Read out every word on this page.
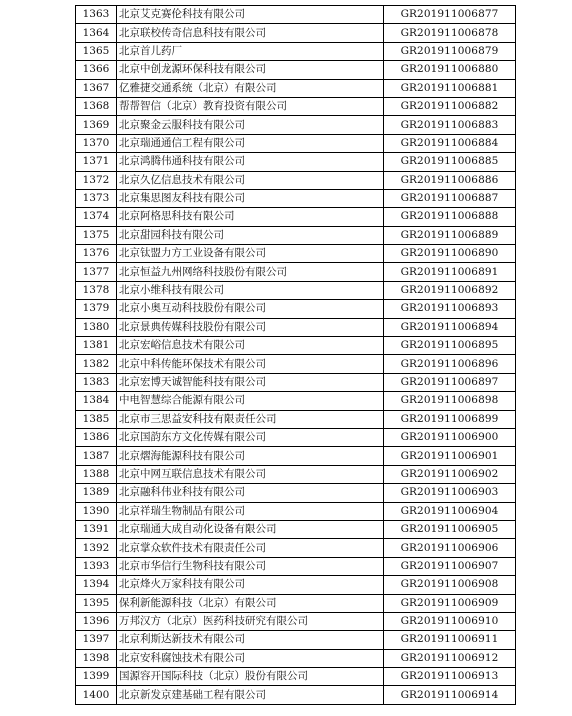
1363	北京艾克赛伦科技有限公司	GR201911006877
1364	北京联校传奇信息科技有限公司	GR201911006878
1365	北京首儿药厂	GR201911006879
1366	北京中创龙源环保科技有限公司	GR201911006880
1367	亿雅捷交通系统（北京）有限公司	GR201911006881
1368	帮帮智信（北京）教育投资有限公司	GR201911006882
1369	北京聚金云服科技有限公司	GR201911006883
1370	北京瑞通通信工程有限公司	GR201911006884
1371	北京鸿腾伟通科技有限公司	GR201911006885
1372	北京久亿信息技术有限公司	GR201911006886
1373	北京集思图友科技有限公司	GR201911006887
1374	北京阿格思科技有限公司	GR201911006888
1375	北京甜园科技有限公司	GR201911006889
1376	北京钛盟力方工业设备有限公司	GR201911006890
1377	北京恒益九州网络科技股份有限公司	GR201911006891
1378	北京小维科技有限公司	GR201911006892
1379	北京小奥互动科技股份有限公司	GR201911006893
1380	北京景典传媒科技股份有限公司	GR201911006894
1381	北京宏峪信息技术有限公司	GR201911006895
1382	北京中科传能环保技术有限公司	GR201911006896
1383	北京宏博天诚智能科技有限公司	GR201911006897
1384	中电智慧综合能源有限公司	GR201911006898
1385	北京市三思益安科技有限责任公司	GR201911006899
1386	北京国韵东方文化传媒有限公司	GR201911006900
1387	北京熠海能源科技有限公司	GR201911006901
1388	北京中网互联信息技术有限公司	GR201911006902
1389	北京融科伟业科技有限公司	GR201911006903
1390	北京祥瑞生物制品有限公司	GR201911006904
1391	北京瑞通大成自动化设备有限公司	GR201911006905
1392	北京掌众软件技术有限责任公司	GR201911006906
1393	北京市华信行生物科技有限公司	GR201911006907
1394	北京烽火万家科技有限公司	GR201911006908
1395	保利新能源科技（北京）有限公司	GR201911006909
1396	万邦汉方（北京）医药科技研究有限公司	GR201911006910
1397	北京利斯达新技术有限公司	GR201911006911
1398	北京安科腐蚀技术有限公司	GR201911006912
1399	国源容开国际科技（北京）股份有限公司	GR201911006913
1400	北京新发京建基础工程有限公司	GR201911006914
